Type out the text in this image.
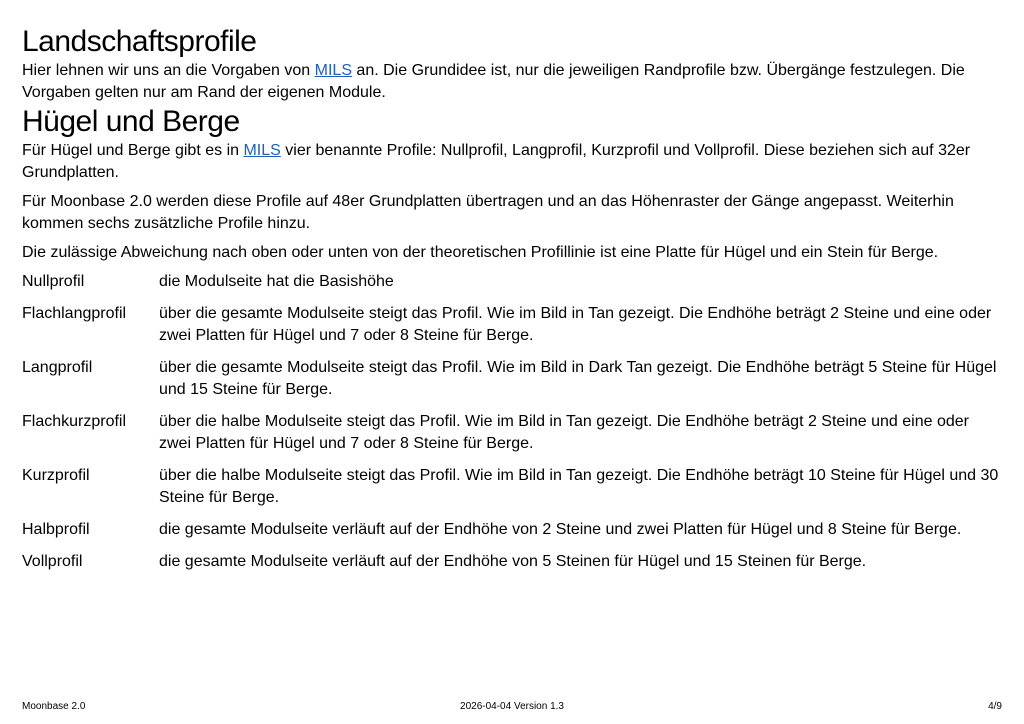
Landschaftsprofile

Hier lehnen wir uns an die Vorgaben von MILS an. Die Grundidee ist, nur die jeweiligen Randprofile bzw. Übergänge festzulegen. Die Vorgaben gelten nur am Rand der eigenen Module.

Hügel und Berge

Für Hügel und Berge gibt es in MILS vier benannte Profile: Nullprofil, Langprofil, Kurzprofil und Vollprofil. Diese beziehen sich auf 32er Grundplatten.

Für Moonbase 2.0 werden diese Profile auf 48er Grundplatten übertragen und an das Höhenraster der Gänge angepasst. Weiterhin kommen sechs zusätzliche Profile hinzu.

Die zulässige Abweichung nach oben oder unten von der theoretischen Profillinie ist eine Platte für Hügel und ein Stein für Berge.

Nullprofil	die Modulseite hat die Basishöhe
Flachlangprofil	über die gesamte Modulseite steigt das Profil. Wie im Bild in Tan gezeigt. Die Endhöhe beträgt 2 Steine und eine oder zwei Platten für Hügel und 7 oder 8 Steine für Berge.
Langprofil	über die gesamte Modulseite steigt das Profil. Wie im Bild in Dark Tan gezeigt. Die Endhöhe beträgt 5 Steine für Hügel und 15 Steine für Berge.
Flachkurzprofil	über die halbe Modulseite steigt das Profil. Wie im Bild in Tan gezeigt. Die Endhöhe beträgt 2 Steine und eine oder zwei Platten für Hügel und 7 oder 8 Steine für Berge.
Kurzprofil	über die halbe Modulseite steigt das Profil. Wie im Bild in Tan gezeigt. Die Endhöhe beträgt 10 Steine für Hügel und 30 Steine für Berge.
Halbprofil	die gesamte Modulseite verläuft auf der Endhöhe von 2 Steine und zwei Platten für Hügel und 8 Steine für Berge.
Vollprofil	die gesamte Modulseite verläuft auf der Endhöhe von 5 Steinen für Hügel und 15 Steinen für Berge.
Moonbase 2.0	2026-04-04 Version 1.3	4/9
